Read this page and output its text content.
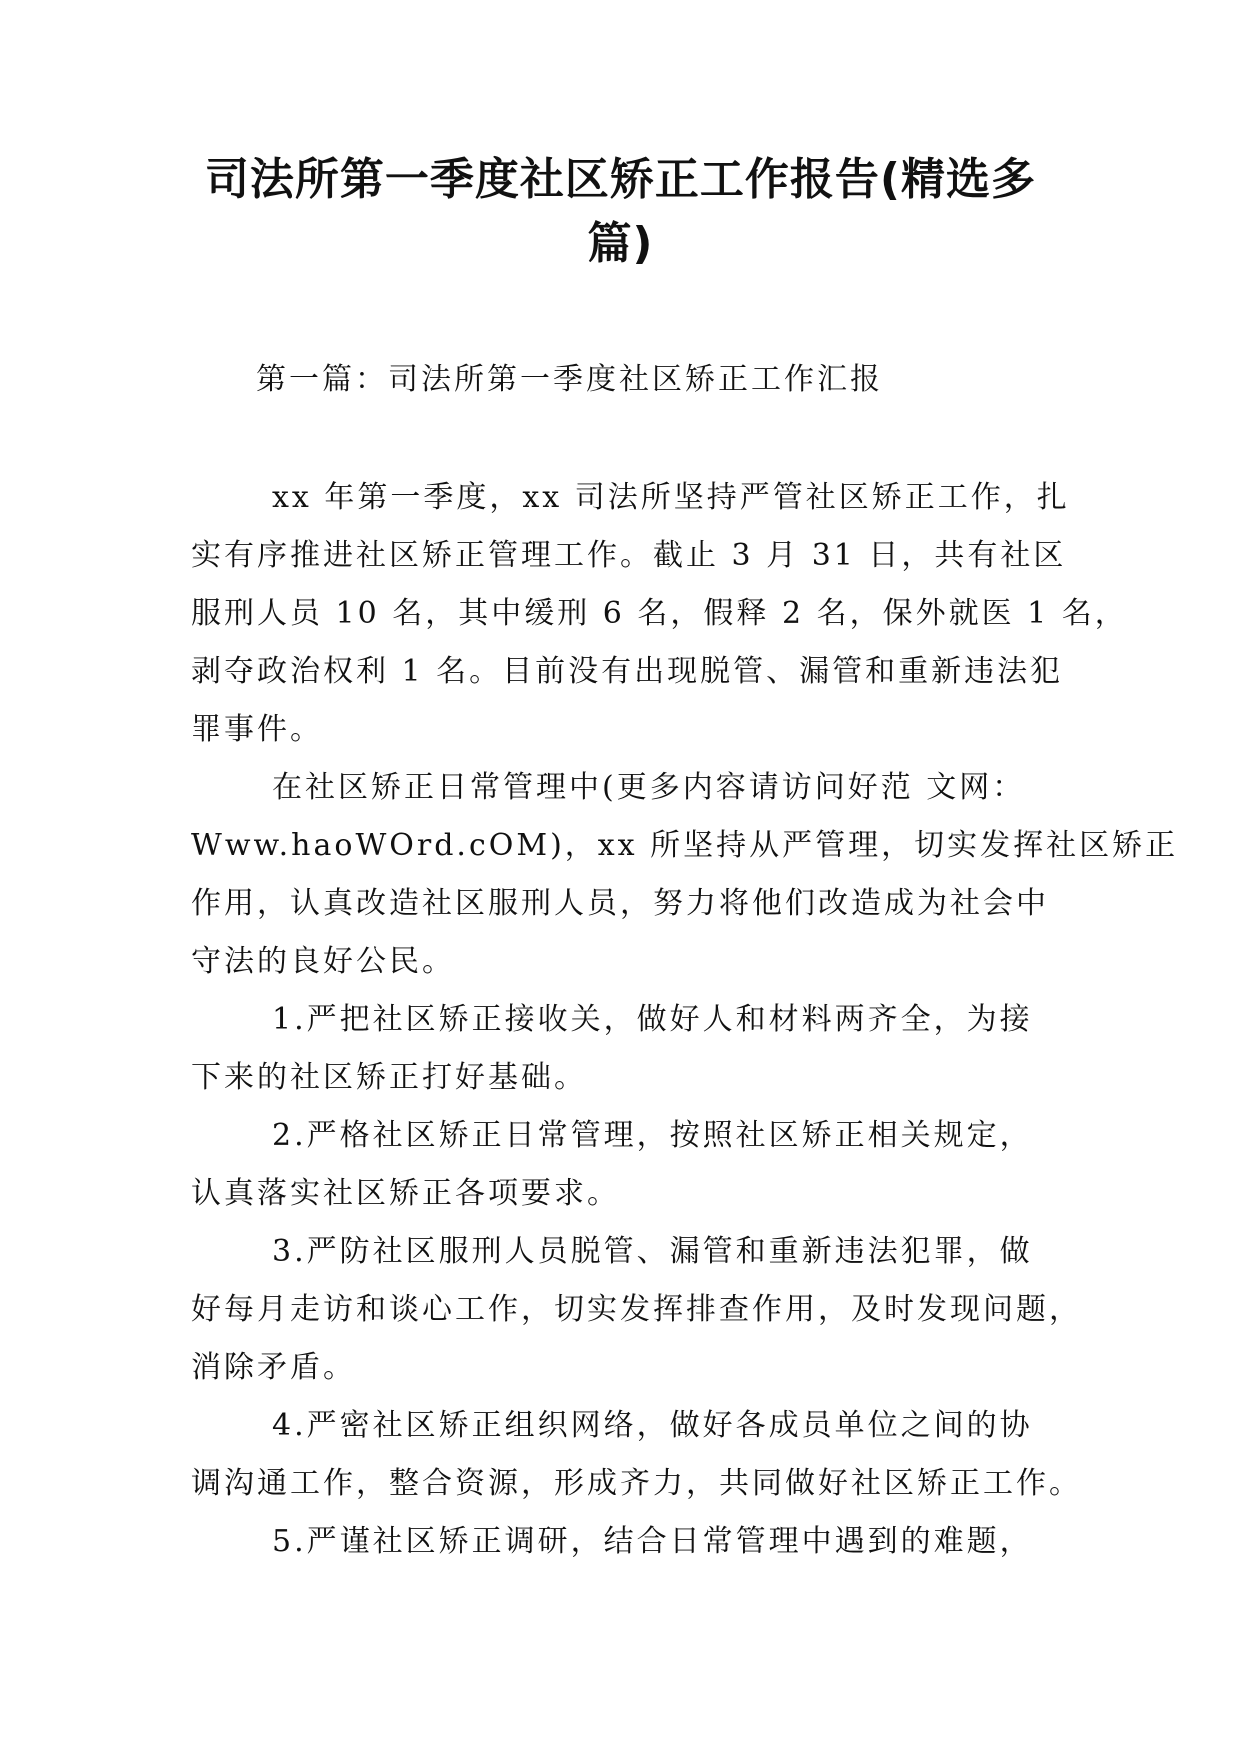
司法所第一季度社区矫正工作报告(精选多
篇)
第一篇：司法所第一季度社区矫正工作汇报
xx 年第一季度，xx 司法所坚持严管社区矫正工作，扎
实有序推进社区矫正管理工作。截止 3 月 31 日，共有社区
服刑人员 10 名，其中缓刑 6 名，假释 2 名，保外就医 1 名，
剥夺政治权利 1 名。目前没有出现脱管、漏管和重新违法犯
罪事件。
在社区矫正日常管理中(更多内容请访问好范 文网：
Www.haoWOrd.cOM)，xx 所坚持从严管理，切实发挥社区矫正
作用，认真改造社区服刑人员，努力将他们改造成为社会中
守法的良好公民。
1.严把社区矫正接收关，做好人和材料两齐全，为接
下来的社区矫正打好基础。
2.严格社区矫正日常管理，按照社区矫正相关规定，
认真落实社区矫正各项要求。
3.严防社区服刑人员脱管、漏管和重新违法犯罪，做
好每月走访和谈心工作，切实发挥排查作用，及时发现问题，
消除矛盾。
4.严密社区矫正组织网络，做好各成员单位之间的协
调沟通工作，整合资源，形成齐力，共同做好社区矫正工作。
5.严谨社区矫正调研，结合日常管理中遇到的难题，
